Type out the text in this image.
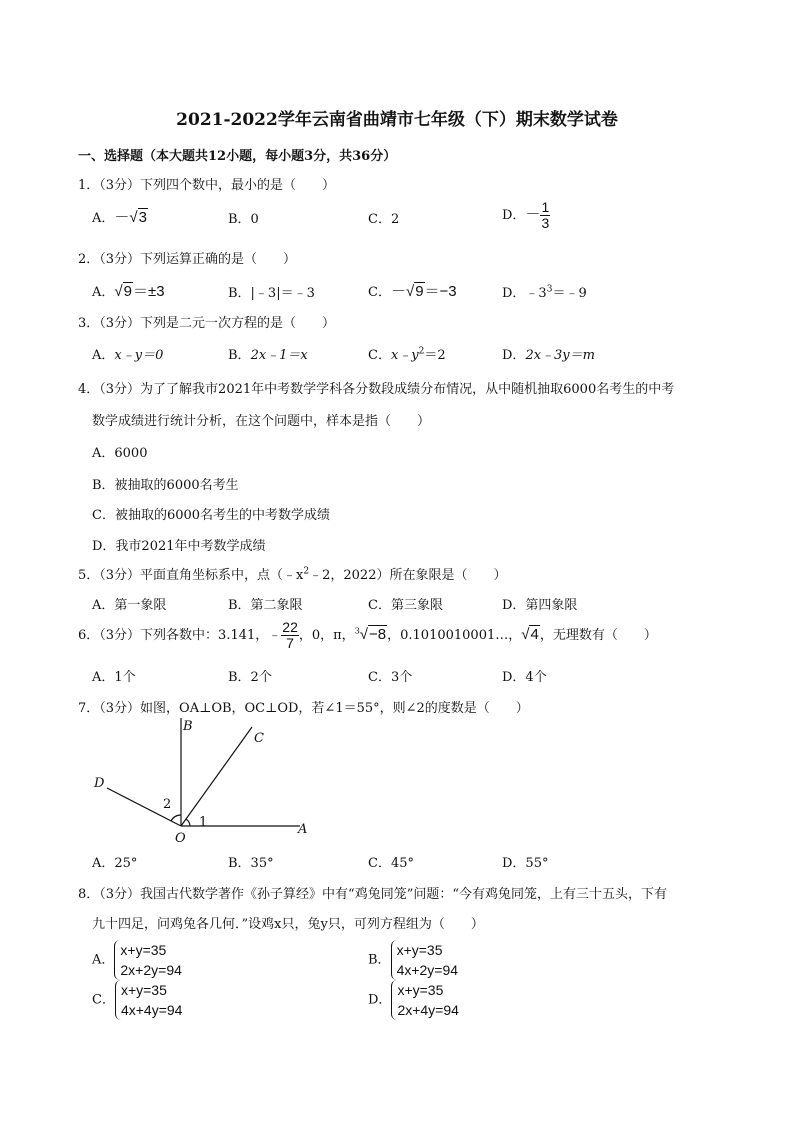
2021-2022学年云南省曲靖市七年级（下）期末数学试卷
一、选择题（本大题共12小题，每小题3分，共36分）
1．（3分）下列四个数中，最小的是（　　）
A．－√3	B．0	C．2	D．－ $\frac{1}{3}$
2．（3分）下列运算正确的是（　　）
A．√9＝±3	B．|﹣3|＝﹣3	C．－√9＝−3	D．$﹣3^3=﹣9$
3．（3分）下列是二元一次方程的是（　　）
A．x﹣y＝0	B．2x﹣1＝x	C．$x﹣y^2=2$	D．2x﹣3y＝m
4．（3分）为了了解我市2021年中考数学学科各分数段成绩分布情况，从中随机抽取6000名考生的中考
数学成绩进行统计分析，在这个问题中，样本是指（　　）
A．6000
B．被抽取的6000名考生
C．被抽取的6000名考生的中考数学成绩
D．我市2021年中考数学成绩
5．（3分）平面直角坐标系中，点（$﹣x^2﹣2$，2022）所在象限是（　　）
A．第一象限	B．第二象限	C．第三象限	D．第四象限
6．（3分）下列各数中：3.141，﹣ $\frac{22}{7}$ ，0，π，$^3$√−8，0.1010010001…，√4，无理数有（　　）
A．1个	B．2个	C．3个	D．4个
7．（3分）如图，OA⊥OB，OC⊥OD，若∠1＝55°，则∠2的度数是（　　）
B
C
D
2
1
O
A
A．25°	B．35°	C．45°	D．55°
8．（3分）我国古代数学著作《孙子算经》中有“鸡兔同笼”问题：“今有鸡兔同笼，上有三十五头，下有
九十四足，问鸡兔各几何．”设鸡x只，兔y只，可列方程组为（　　）
A．
x+y=35
2x+2y=94
B．
x+y=35
4x+2y=94
C．
x+y=35
4x+4y=94
D．
x+y=35
2x+4y=94
